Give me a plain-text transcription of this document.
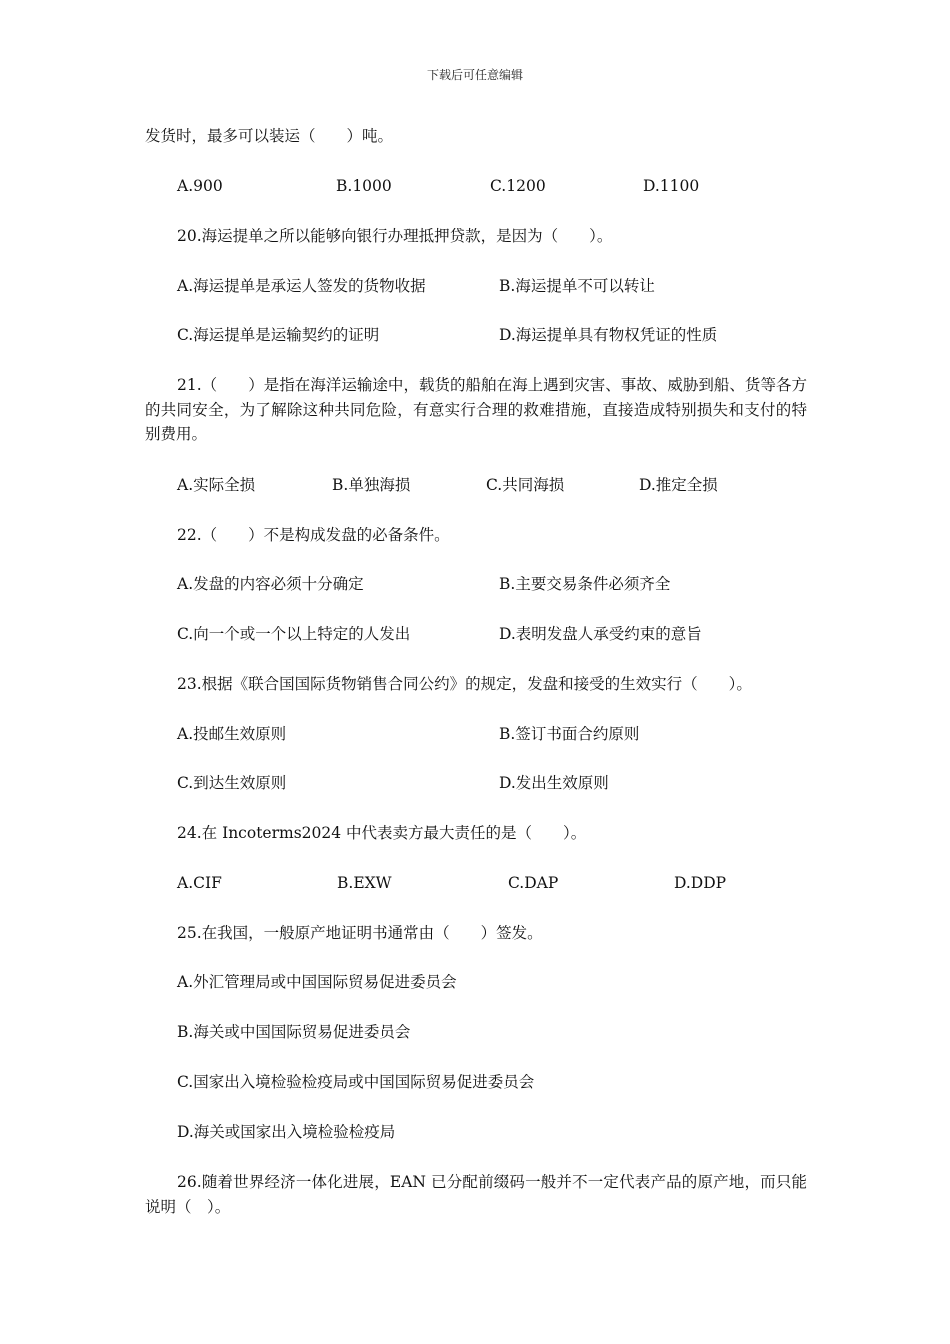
下载后可任意编辑
发货时，最多可以装运（　　）吨。
A.900	B.1000	C.1200	D.1100
20.海运提单之所以能够向银行办理抵押贷款，是因为（　　）。
A.海运提单是承运人签发的货物收据	B.海运提单不可以转让
C.海运提单是运输契约的证明	D.海运提单具有物权凭证的性质
21.（　　）是指在海洋运输途中，载货的船舶在海上遇到灾害、事故、威胁到船、货等各方的共同安全，为了解除这种共同危险，有意实行合理的救难措施，直接造成特别损失和支付的特别费用。
A.实际全损	B.单独海损	C.共同海损	D.推定全损
22.（　　）不是构成发盘的必备条件。
A.发盘的内容必须十分确定	B.主要交易条件必须齐全
C.向一个或一个以上特定的人发出	D.表明发盘人承受约束的意旨
23.根据《联合国国际货物销售合同公约》的规定，发盘和接受的生效实行（　　）。
A.投邮生效原则	B.签订书面合约原则
C.到达生效原则	D.发出生效原则
24.在 Incoterms2024 中代表卖方最大责任的是（　　）。
A.CIF	B.EXW	C.DAP	D.DDP
25.在我国，一般原产地证明书通常由（　　）签发。
A.外汇管理局或中国国际贸易促进委员会
B.海关或中国国际贸易促进委员会
C.国家出入境检验检疫局或中国国际贸易促进委员会
D.海关或国家出入境检验检疫局
26.随着世界经济一体化进展，EAN 已分配前缀码一般并不一定代表产品的原产地，而只能说明（　）。
